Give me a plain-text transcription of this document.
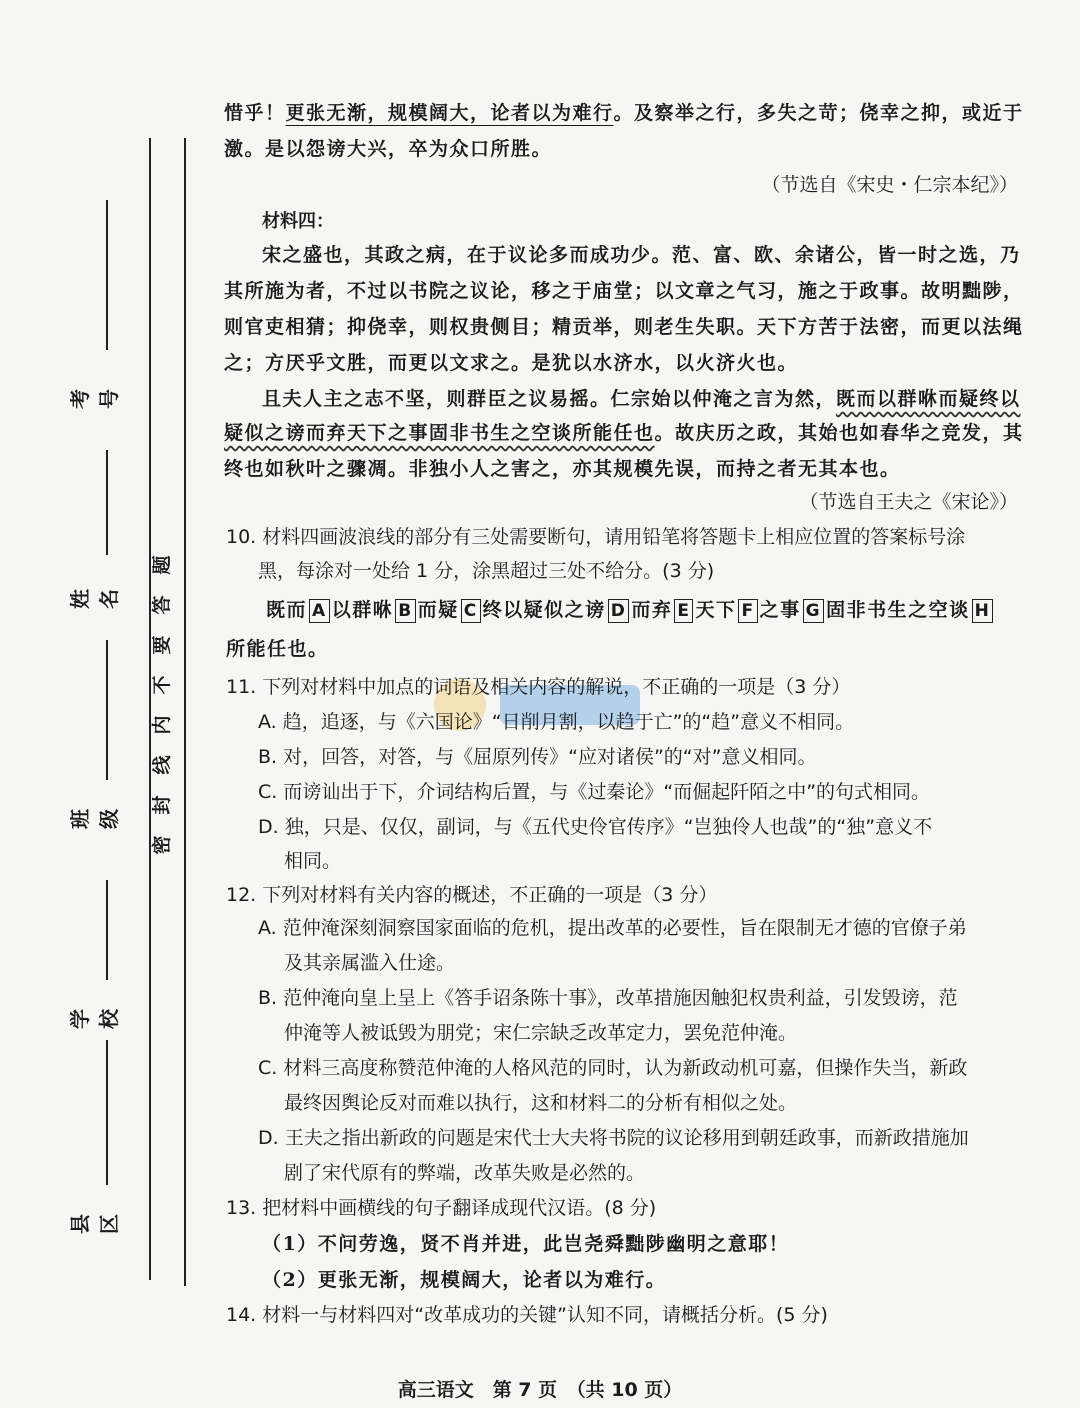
考号
姓名
班级
学校
县区
题
答
要
不
内
线
封
密
惜乎！更张无渐，规模阔大，论者以为难行。及察举之行，多失之苛；侥幸之抑，或近于
激。是以怨谤大兴，卒为众口所胜。
（节选自《宋史・仁宗本纪》）
材料四：
宋之盛也，其政之病，在于议论多而成功少。范、富、欧、余诸公，皆一时之选，乃
其所施为者，不过以书院之议论，移之于庙堂；以文章之气习，施之于政事。故明黜陟，
则官吏相猜；抑侥幸，则权贵侧目；精贡举，则老生失职。天下方苦于法密，而更以法绳
之；方厌乎文胜，而更以文求之。是犹以水济水，以火济火也。
且夫人主之志不坚，则群臣之议易摇。仁宗始以仲淹之言为然，既而以群咻而疑终以
疑似之谤而弃天下之事固非书生之空谈所能任也。故庆历之政，其始也如春华之竞发，其
终也如秋叶之骤凋。非独小人之害之，亦其规模先误，而持之者无其本也。
（节选自王夫之《宋论》）
10. 材料四画波浪线的部分有三处需要断句，请用铅笔将答题卡上相应位置的答案标号涂
黑，每涂对一处给 1 分，涂黑超过三处不给分。(3 分)
既而 A 以群咻 B 而疑 C 终以疑似之谤 D 而弃 E 天下 F 之事 G 固非书生之空谈 H
所能任也。
11. 下列对材料中加点的词语及相关内容的解说，不正确的一项是（3 分）
A. 趋，追逐，与《六国论》“日削月割，以趋于亡”的“趋”意义不相同。
B. 对，回答，对答，与《屈原列传》“应对诸侯”的“对”意义相同。
C. 而谤讪出于下，介词结构后置，与《过秦论》“而倔起阡陌之中”的句式相同。
D. 独，只是、仅仅，副词，与《五代史伶官传序》“岂独伶人也哉”的“独”意义不
相同。
12. 下列对材料有关内容的概述，不正确的一项是（3 分）
A. 范仲淹深刻洞察国家面临的危机，提出改革的必要性，旨在限制无才德的官僚子弟
及其亲属滥入仕途。
B. 范仲淹向皇上呈上《答手诏条陈十事》，改革措施因触犯权贵利益，引发毁谤，范
仲淹等人被诋毁为朋党；宋仁宗缺乏改革定力，罢免范仲淹。
C. 材料三高度称赞范仲淹的人格风范的同时，认为新政动机可嘉，但操作失当，新政
最终因舆论反对而难以执行，这和材料二的分析有相似之处。
D. 王夫之指出新政的问题是宋代士大夫将书院的议论移用到朝廷政事，而新政措施加
剧了宋代原有的弊端，改革失败是必然的。
13. 把材料中画横线的句子翻译成现代汉语。(8 分)
（1）不问劳逸，贤不肖并进，此岂尧舜黜陟幽明之意耶！
（2）更张无渐，规模阔大，论者以为难行。
14. 材料一与材料四对“改革成功的关键”认知不同，请概括分析。(5 分)
高三语文　第 7 页　（共 10 页）
